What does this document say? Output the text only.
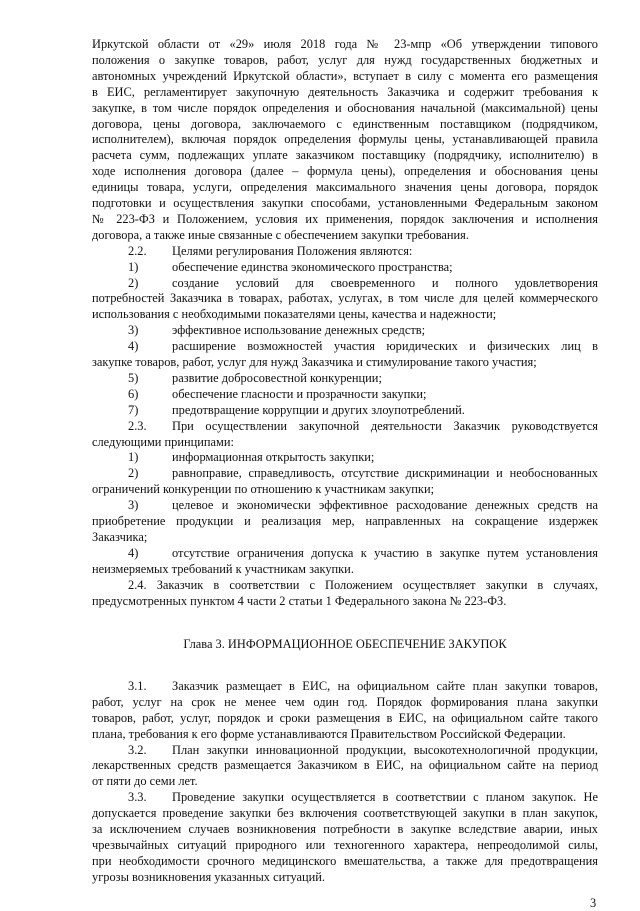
Иркутской области от «29» июля 2018 года № 23-мпр «Об утверждении типового
положения о закупке товаров, работ, услуг для нужд государственных бюджетных и
автономных учреждений Иркутской области», вступает в силу с момента его размещения
в ЕИС, регламентирует закупочную деятельность Заказчика и содержит требования к
закупке, в том числе порядок определения и обоснования начальной (максимальной) цены
договора, цены договора, заключаемого с единственным поставщиком (подрядчиком,
исполнителем), включая порядок определения формулы цены, устанавливающей правила
расчета сумм, подлежащих уплате заказчиком поставщику (подрядчику, исполнителю) в
ходе исполнения договора (далее – формула цены), определения и обоснования цены
единицы товара, услуги, определения максимального значения цены договора, порядок
подготовки и осуществления закупки способами, установленными Федеральным законом
№ 223-ФЗ и Положением, условия их применения, порядок заключения и исполнения
договора, а также иные связанные с обеспечением закупки требования.
2.2. Целями регулирования Положения являются:
1)	обеспечение единства экономического пространства;
2)	создание условий для своевременного и полного удовлетворения
потребностей Заказчика в товарах, работах, услугах, в том числе для целей коммерческого
использования с необходимыми показателями цены, качества и надежности;
3)	эффективное использование денежных средств;
4)	расширение возможностей участия юридических и физических лиц в
закупке товаров, работ, услуг для нужд Заказчика и стимулирование такого участия;
5)	развитие добросовестной конкуренции;
6)	обеспечение гласности и прозрачности закупки;
7)	предотвращение коррупции и других злоупотреблений.
2.3. При осуществлении закупочной деятельности Заказчик руководствуется
следующими принципами:
1)	информационная открытость закупки;
2)	равноправие, справедливость, отсутствие дискриминации и необоснованных
ограничений конкуренции по отношению к участникам закупки;
3)	целевое и экономически эффективное расходование денежных средств на
приобретение продукции и реализация мер, направленных на сокращение издержек
Заказчика;
4)	отсутствие ограничения допуска к участию в закупке путем установления
неизмеряемых требований к участникам закупки.
2.4. Заказчик в соответствии с Положением осуществляет закупки в случаях,
предусмотренных пунктом 4 части 2 статьи 1 Федерального закона № 223-ФЗ.
Глава 3. ИНФОРМАЦИОННОЕ ОБЕСПЕЧЕНИЕ ЗАКУПОК
3.1. Заказчик размещает в ЕИС, на официальном сайте план закупки товаров,
работ, услуг на срок не менее чем один год. Порядок формирования плана закупки
товаров, работ, услуг, порядок и сроки размещения в ЕИС, на официальном сайте такого
плана, требования к его форме устанавливаются Правительством Российской Федерации.
3.2. План закупки инновационной продукции, высокотехнологичной продукции,
лекарственных средств размещается Заказчиком в ЕИС, на официальном сайте на период
от пяти до семи лет.
3.3. Проведение закупки осуществляется в соответствии с планом закупок. Не
3
допускается проведение закупки без включения соответствующей закупки в план закупок,
за исключением случаев возникновения потребности в закупке вследствие аварии, иных
чрезвычайных ситуаций природного или техногенного характера, непреодолимой силы,
при необходимости срочного медицинского вмешательства, а также для предотвращения
угрозы возникновения указанных ситуаций.
